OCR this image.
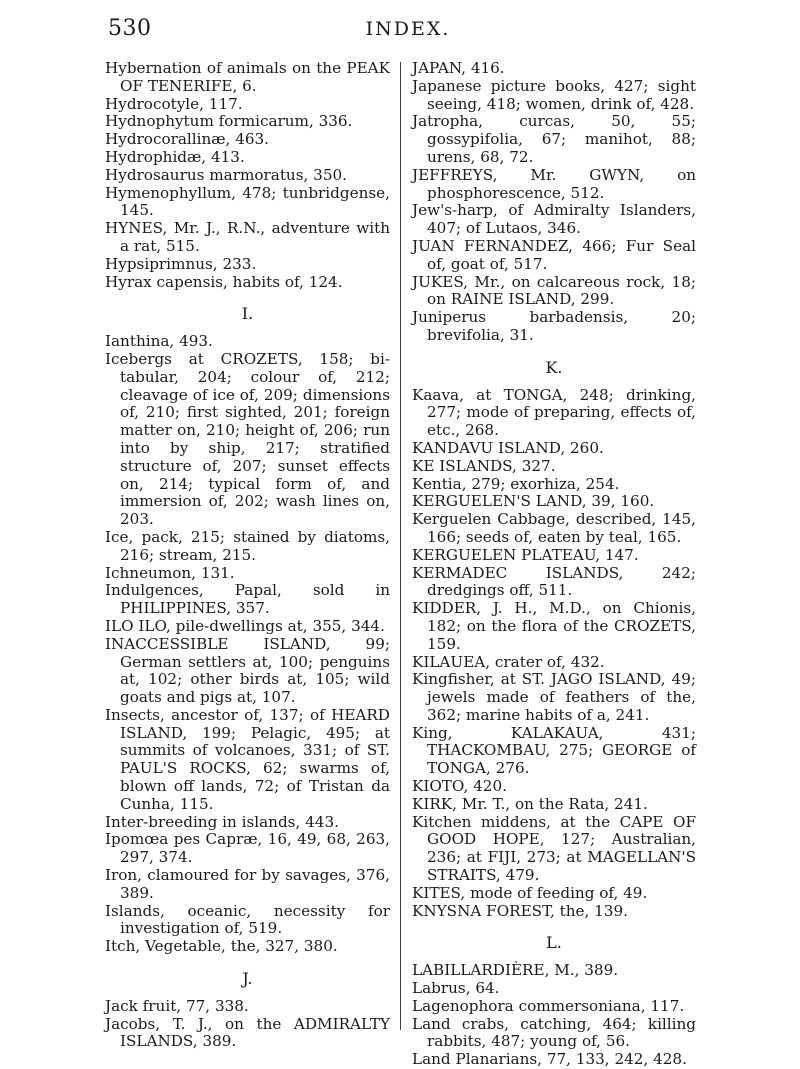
530	INDEX.

Hybernation of animals on the PEAK OF TENERIFE, 6.

Hydrocotyle, 117.

Hydnophytum formicarum, 336.

Hydrocorallinæ, 463.

Hydrophidæ, 413.

Hydrosaurus marmoratus, 350.

Hymenophyllum, 478; tunbridgense, 145.

HYNES, Mr. J., R.N., adventure with a rat, 515.

Hypsiprimnus, 233.

Hyrax capensis, habits of, 124.

I.

Ianthina, 493.

Icebergs at CROZETS, 158; bi-tabular, 204; colour of, 212; cleavage of ice of, 209; dimensions of, 210; first sighted, 201; foreign matter on, 210; height of, 206; run into by ship, 217; stratified structure of, 207; sunset effects on, 214; typical form of, and immersion of, 202; wash lines on, 203.

Ice, pack, 215; stained by diatoms, 216; stream, 215.

Ichneumon, 131.

Indulgences, Papal, sold in PHILIPPINES, 357.

ILO ILO, pile-dwellings at, 355, 344.

INACCESSIBLE ISLAND, 99; German settlers at, 100; penguins at, 102; other birds at, 105; wild goats and pigs at, 107.

Insects, ancestor of, 137; of HEARD ISLAND, 199; Pelagic, 495; at summits of volcanoes, 331; of ST. PAUL'S ROCKS, 62; swarms of, blown off lands, 72; of Tristan da Cunha, 115.

Inter-breeding in islands, 443.

Ipomœa pes Capræ, 16, 49, 68, 263, 297, 374.

Iron, clamoured for by savages, 376, 389.

Islands, oceanic, necessity for investigation of, 519.

Itch, Vegetable, the, 327, 380.

J.

Jack fruit, 77, 338.

Jacobs, T. J., on the ADMIRALTY ISLANDS, 389.

JAPAN, 416.

Japanese picture books, 427; sight seeing, 418; women, drink of, 428.

Jatropha, curcas, 50, 55; gossypifolia, 67; manihot, 88; urens, 68, 72.

JEFFREYS, Mr. GWYN, on phosphorescence, 512.

Jew's-harp, of Admiralty Islanders, 407; of Lutaos, 346.

JUAN FERNANDEZ, 466; Fur Seal of, goat of, 517.

JUKES, Mr., on calcareous rock, 18; on RAINE ISLAND, 299.

Juniperus barbadensis, 20; brevifolia, 31.

K.

Kaava, at TONGA, 248; drinking, 277; mode of preparing, effects of, etc., 268.

KANDAVU ISLAND, 260.

KE ISLANDS, 327.

Kentia, 279; exorhiza, 254.

KERGUELEN'S LAND, 39, 160.

Kerguelen Cabbage, described, 145, 166; seeds of, eaten by teal, 165.

KERGUELEN PLATEAU, 147.

KERMADEC ISLANDS, 242; dredgings off, 511.

KIDDER, J. H., M.D., on Chionis, 182; on the flora of the CROZETS, 159.

KILAUEA, crater of, 432.

Kingfisher, at ST. JAGO ISLAND, 49; jewels made of feathers of the, 362; marine habits of a, 241.

King, KALAKAUA, 431; THACKOMBAU, 275; GEORGE of TONGA, 276.

KIOTO, 420.

KIRK, Mr. T., on the Rata, 241.

Kitchen middens, at the CAPE OF GOOD HOPE, 127; Australian, 236; at FIJI, 273; at MAGELLAN'S STRAITS, 479.

KITES, mode of feeding of, 49.

KNYSNA FOREST, the, 139.

L.

LABILLARDIÈRE, M., 389.

Labrus, 64.

Lagenophora commersoniana, 117.

Land crabs, catching, 464; killing rabbits, 487; young of, 56.

Land Planarians, 77, 133, 242, 428.
